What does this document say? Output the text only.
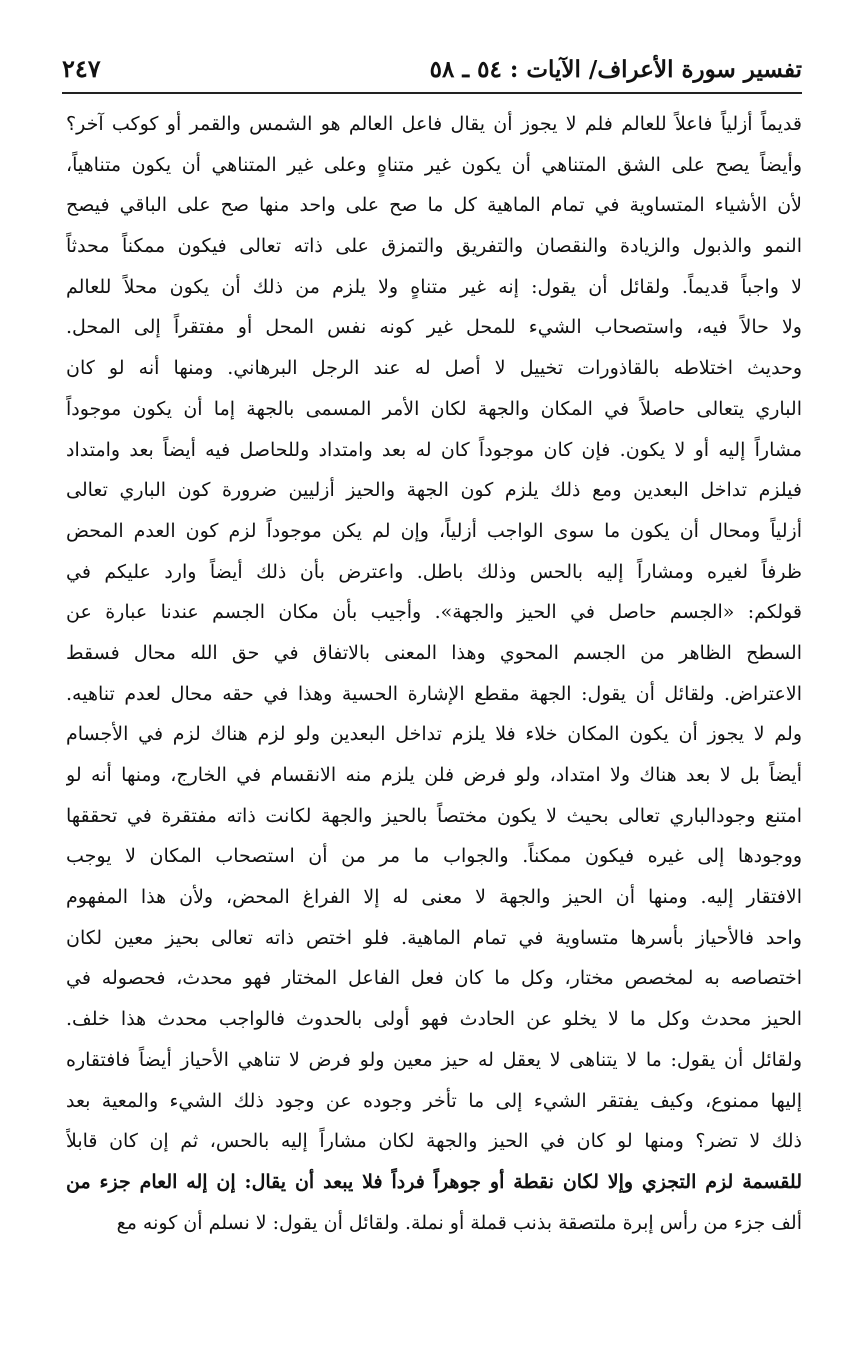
تفسير سورة الأعراف/ الآيات : ٥٤ ـ ٥٨
٢٤٧
قديماً أزلياً فاعلاً للعالم فلم لا يجوز أن يقال فاعل العالم هو الشمس والقمر أو كوكب آخر؟
وأيضاً يصح على الشق المتناهي أن يكون غير متناهٍ وعلى غير المتناهي أن يكون متناهياً،
لأن الأشياء المتساوية في تمام الماهية كل ما صح على واحد منها صح على الباقي فيصح
النمو والذبول والزيادة والنقصان والتفريق والتمزق على ذاته تعالى فيكون ممكناً محدثاً
لا واجباً قديماً. ولقائل أن يقول: إنه غير متناهٍ ولا يلزم من ذلك أن يكون محلاً للعالم
ولا حالاً فيه، واستصحاب الشيء للمحل غير كونه نفس المحل أو مفتقراً إلى المحل.
وحديث اختلاطه بالقاذورات تخييل لا أصل له عند الرجل البرهاني. ومنها أنه لو كان
الباري يتعالى حاصلاً في المكان والجهة لكان الأمر المسمى بالجهة إما أن يكون موجوداً
مشاراً إليه أو لا يكون. فإن كان موجوداً كان له بعد وامتداد وللحاصل فيه أيضاً بعد وامتداد
فيلزم تداخل البعدين ومع ذلك يلزم كون الجهة والحيز أزليين ضرورة كون الباري تعالى
أزلياً ومحال أن يكون ما سوى الواجب أزلياً، وإن لم يكن موجوداً لزم كون العدم المحض
ظرفاً لغيره ومشاراً إليه بالحس وذلك باطل. واعترض بأن ذلك أيضاً وارد عليكم في
قولكم: «الجسم حاصل في الحيز والجهة». وأجيب بأن مكان الجسم عندنا عبارة عن
السطح الظاهر من الجسم المحوي وهذا المعنى بالاتفاق في حق الله محال فسقط
الاعتراض. ولقائل أن يقول: الجهة مقطع الإشارة الحسية وهذا في حقه محال لعدم تناهيه.
ولم لا يجوز أن يكون المكان خلاء فلا يلزم تداخل البعدين ولو لزم هناك لزم في الأجسام
أيضاً بل لا بعد هناك ولا امتداد، ولو فرض فلن يلزم منه الانقسام في الخارج، ومنها أنه لو
امتنع وجودالباري تعالى بحيث لا يكون مختصاً بالحيز والجهة لكانت ذاته مفتقرة في تحققها
ووجودها إلى غيره فيكون ممكناً. والجواب ما مر من أن استصحاب المكان لا يوجب
الافتقار إليه. ومنها أن الحيز والجهة لا معنى له إلا الفراغ المحض، ولأن هذا المفهوم
واحد فالأحياز بأسرها متساوية في تمام الماهية. فلو اختص ذاته تعالى بحيز معين لكان
اختصاصه به لمخصص مختار، وكل ما كان فعل الفاعل المختار فهو محدث، فحصوله في
الحيز محدث وكل ما لا يخلو عن الحادث فهو أولى بالحدوث فالواجب محدث هذا خلف.
ولقائل أن يقول: ما لا يتناهى لا يعقل له حيز معين ولو فرض لا تناهي الأحياز أيضاً فافتقاره
إليها ممنوع، وكيف يفتقر الشيء إلى ما تأخر وجوده عن وجود ذلك الشيء والمعية بعد
ذلك لا تضر؟ ومنها لو كان في الحيز والجهة لكان مشاراً إليه بالحس، ثم إن كان قابلاً
للقسمة لزم التجزي وإلا لكان نقطة أو جوهراً فرداً فلا يبعد أن يقال: إن إله العام جزء من
ألف جزء من رأس إبرة ملتصقة بذنب قملة أو نملة. ولقائل أن يقول: لا نسلم أن كونه مع
